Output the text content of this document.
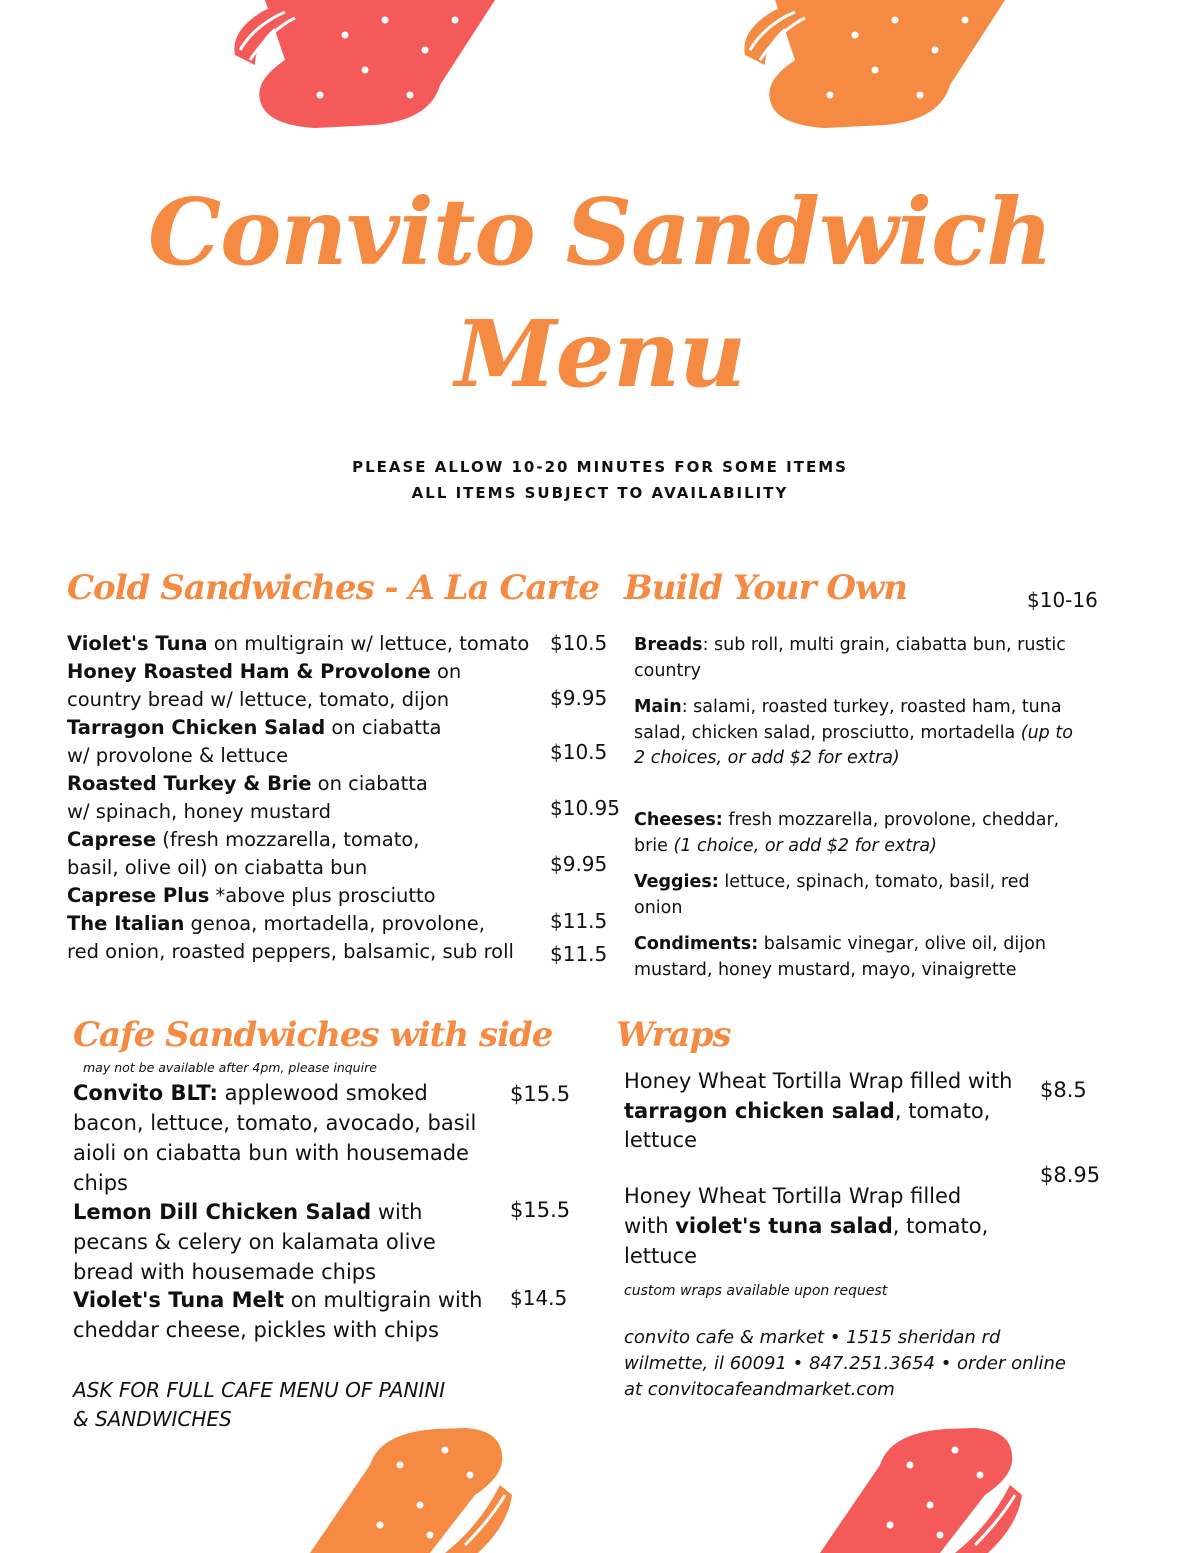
Convito Sandwich
Menu
PLEASE ALLOW 10-20 MINUTES FOR SOME ITEMS
ALL ITEMS SUBJECT TO AVAILABILITY
Cold Sandwiches - A La Carte
Violet's Tuna on multigrain w/ lettuce, tomato $10.5
Honey Roasted Ham & Provolone on
country bread w/ lettuce, tomato, dijon	$9.95
Tarragon Chicken Salad on ciabatta
w/ provolone & lettuce	$10.5
Roasted Turkey & Brie on ciabatta
w/ spinach, honey mustard	$10.95
Caprese (fresh mozzarella, tomato,
basil, olive oil) on ciabatta bun	$9.95
Caprese Plus *above plus prosciutto
$11.5
The Italian genoa, mortadella, provolone,
red onion, roasted peppers, balsamic, sub roll $11.5
Build Your Own	$10-16
Breads: sub roll, multi grain, ciabatta bun, rustic country
Main: salami, roasted turkey, roasted ham, tuna salad, chicken salad, prosciutto, mortadella (up to 2 choices, or add $2 for extra)
Cheeses: fresh mozzarella, provolone, cheddar, brie (1 choice, or add $2 for extra)
Veggies: lettuce, spinach, tomato, basil, red onion
Condiments: balsamic vinegar, olive oil, dijon mustard, honey mustard, mayo, vinaigrette
Cafe Sandwiches with side
may not be available after 4pm, please inquire
Convito BLT: applewood smoked
bacon, lettuce, tomato, avocado, basil
aioli on ciabatta bun with housemade
chips
$15.5
Lemon Dill Chicken Salad with
pecans & celery on kalamata olive
bread with housemade chips
$15.5
Violet's Tuna Melt on multigrain with
cheddar cheese, pickles with chips
$14.5
ASK FOR FULL CAFE MENU OF PANINI
& SANDWICHES
Wraps
Honey Wheat Tortilla Wrap filled with
tarragon chicken salad, tomato,
lettuce
$8.5
Honey Wheat Tortilla Wrap filled
with violet's tuna salad, tomato,
lettuce
$8.95
custom wraps available upon request
convito cafe & market • 1515 sheridan rd
wilmette, il 60091 • 847.251.3654 • order online
at convitocafeandmarket.com
